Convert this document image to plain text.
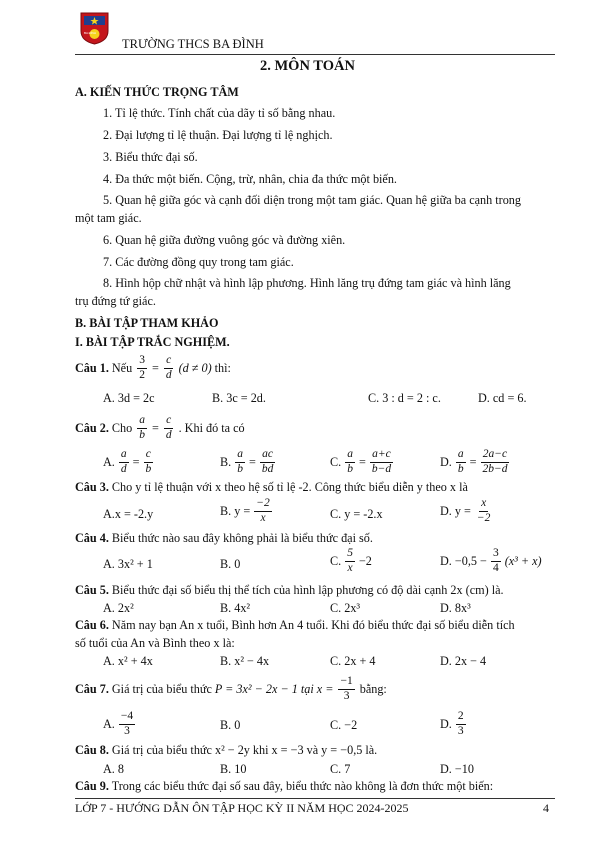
BA ĐÌNH
TRƯỜNG THCS BA ĐÌNH
2. MÔN TOÁN
A. KIẾN THỨC TRỌNG TÂM
1. Tỉ lệ thức. Tính chất của dãy tỉ số bằng nhau.
2. Đại lượng tỉ lệ thuận. Đại lượng tỉ lệ nghịch.
3. Biểu thức đại số.
4. Đa thức một biến. Cộng, trừ, nhân, chia đa thức một biến.
5. Quan hệ giữa góc và cạnh đối diện trong một tam giác. Quan hệ giữa ba cạnh trong
một tam giác.
6. Quan hệ giữa đường vuông góc và đường xiên.
7. Các đường đồng quy trong tam giác.
8. Hình hộp chữ nhật và hình lập phương. Hình lăng trụ đứng tam giác và hình lăng
trụ đứng tứ giác.
B. BÀI TẬP THAM KHẢO
I. BÀI TẬP TRẮC NGHIỆM.
Câu 1. Nếu $\frac{3}{2} = \frac{c}{d} (d \ne 0)$ thì:
A. 3d = 2c	B. 3c = 2d.	C. 3 : d = 2 : c.	D. cd = 6.
Câu 2. Cho $\frac{a}{b} = \frac{c}{d}$ . Khi đó ta có
A. $\frac{a}{d} = \frac{c}{b}$	B. $\frac{a}{b} = \frac{ac}{bd}$	C. $\frac{a}{b} = \frac{a+c}{b-d}$	D. $\frac{a}{b} = \frac{2a-c}{2b-d}$
Câu 3. Cho y tỉ lệ thuận với x theo hệ số tỉ lệ -2. Công thức biểu diễn y theo x là
A.x = -2.y	B. $y = \frac{-2}{x}$	C. y = -2.x	D. $y = \frac{x}{-2}$
Câu 4. Biểu thức nào sau đây không phải là biểu thức đại số.
A. 3x² + 1	B. 0	C. $\frac{5}{x} -2$	D. $-0,5 - \frac{3}{4} (x^3 + x)$
Câu 5. Biểu thức đại số biểu thị thể tích của hình lập phương có độ dài cạnh 2x (cm) là.
A. 2x²	B. 4x²	C. 2x³	D. 8x³
Câu 6. Năm nay bạn An x tuổi, Bình hơn An 4 tuổi. Khi đó biểu thức đại số biểu diễn tích
số tuổi của An và Bình theo x là:
A. x² + 4x	B. x² − 4x	C. 2x + 4	D. 2x − 4
Câu 7. Giá trị của biểu thức P = 3x² − 2x − 1 tại $x = \frac{-1}{3}$ bằng:
A. $\frac{-4}{3}$	B. 0	C. −2	D. $\frac{2}{3}$
Câu 8. Giá trị của biểu thức x² − 2y khi x = −3 và y = −0,5 là.
A. 8	B. 10	C. 7	D. −10
Câu 9. Trong các biểu thức đại số sau đây, biểu thức nào không là đơn thức một biến:
LỚP 7 - HƯỚNG DẪN ÔN TẬP HỌC KỲ II NĂM HỌC 2024-2025	4
